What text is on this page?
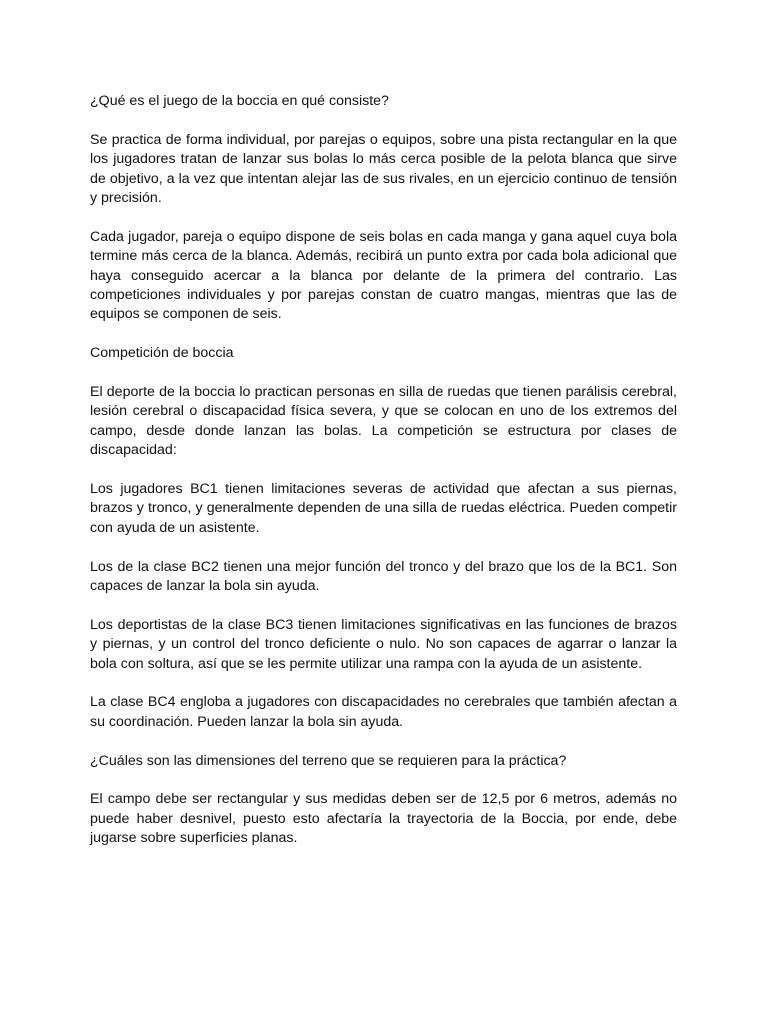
¿Qué es el juego de la boccia en qué consiste?

Se practica de forma individual, por parejas o equipos, sobre una pista rectangular en la que los jugadores tratan de lanzar sus bolas lo más cerca posible de la pelota blanca que sirve de objetivo, a la vez que intentan alejar las de sus rivales, en un ejercicio continuo de tensión y precisión.

Cada jugador, pareja o equipo dispone de seis bolas en cada manga y gana aquel cuya bola termine más cerca de la blanca. Además, recibirá un punto extra por cada bola adicional que haya conseguido acercar a la blanca por delante de la primera del contrario. Las competiciones individuales y por parejas constan de cuatro mangas, mientras que las de equipos se componen de seis.

Competición de boccia

El deporte de la boccia lo practican personas en silla de ruedas que tienen parálisis cerebral, lesión cerebral o discapacidad física severa, y que se colocan en uno de los extremos del campo, desde donde lanzan las bolas. La competición se estructura por clases de discapacidad:

Los jugadores BC1 tienen limitaciones severas de actividad que afectan a sus piernas, brazos y tronco, y generalmente dependen de una silla de ruedas eléctrica. Pueden competir con ayuda de un asistente.

Los de la clase BC2 tienen una mejor función del tronco y del brazo que los de la BC1. Son capaces de lanzar la bola sin ayuda.

Los deportistas de la clase BC3 tienen limitaciones significativas en las funciones de brazos y piernas, y un control del tronco deficiente o nulo. No son capaces de agarrar o lanzar la bola con soltura, así que se les permite utilizar una rampa con la ayuda de un asistente.

La clase BC4 engloba a jugadores con discapacidades no cerebrales que también afectan a su coordinación. Pueden lanzar la bola sin ayuda.

¿Cuáles son las dimensiones del terreno que se requieren para la práctica?

El campo debe ser rectangular y sus medidas deben ser de 12,5 por 6 metros, además no puede haber desnivel, puesto esto afectaría la trayectoria de la Boccia, por ende, debe jugarse sobre superficies planas.
